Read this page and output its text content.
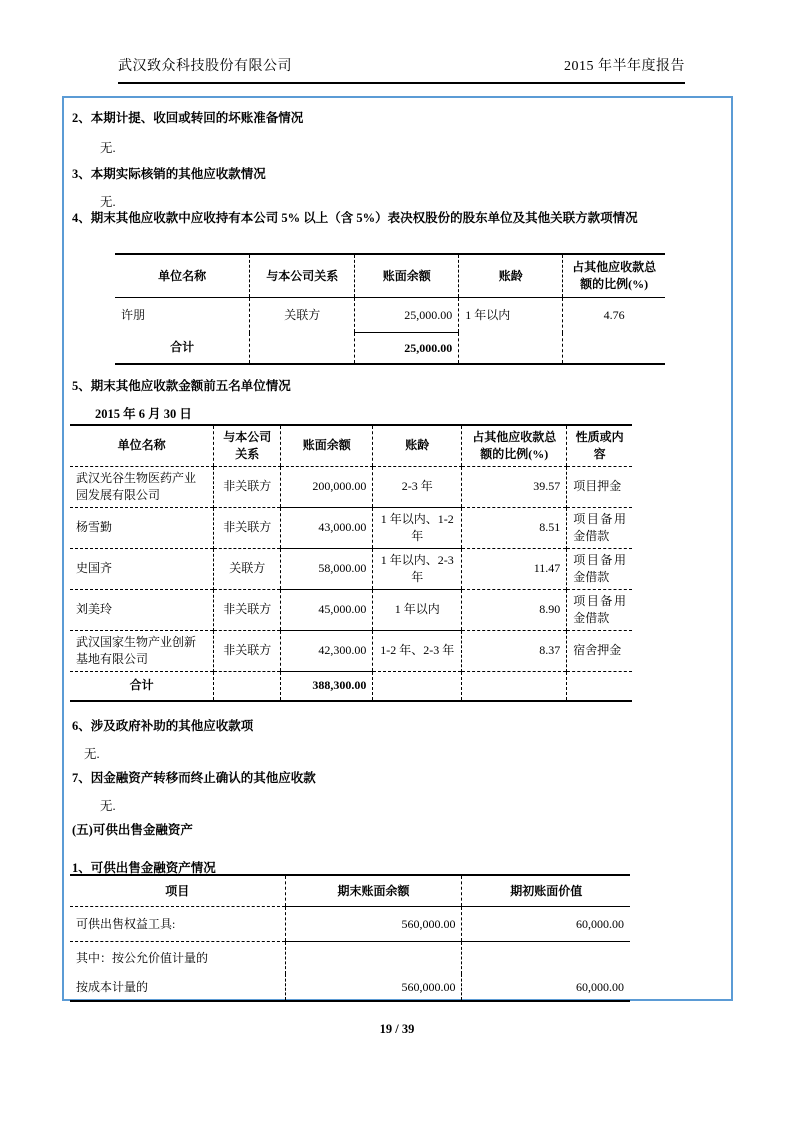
武汉致众科技股份有限公司	2015 年半年度报告
2、本期计提、收回或转回的坏账准备情况
无.
3、本期实际核销的其他应收款情况
无.
4、期末其他应收款中应收持有本公司 5% 以上（含 5%）表决权股份的股东单位及其他关联方款项情况
单位名称	与本公司关系	账面余额	账龄	占其他应收款总额的比例(%)
许朋	关联方	25,000.00	1 年以内	4.76
合计		25,000.00		
5、期末其他应收款金额前五名单位情况
2015 年 6 月 30 日
单位名称	与本公司关系	账面余额	账龄	占其他应收款总额的比例(%)	性质或内容
武汉光谷生物医药产业园发展有限公司	非关联方	200,000.00	2-3 年	39.57	项目押金
杨雪勤	非关联方	43,000.00	1 年以内、1-2 年	8.51	项目备用金借款
史国齐	关联方	58,000.00	1 年以内、2-3 年	11.47	项目备用金借款
刘美玲	非关联方	45,000.00	1 年以内	8.90	项目备用金借款
武汉国家生物产业创新基地有限公司	非关联方	42,300.00	1-2 年、2-3 年	8.37	宿舍押金
合计		388,300.00			
6、涉及政府补助的其他应收款项
无.
7、因金融资产转移而终止确认的其他应收款
无.
(五)可供出售金融资产
1、可供出售金融资产情况
项目	期末账面余额	期初账面价值
可供出售权益工具:	560,000.00	60,000.00
其中：按公允价值计量的		
按成本计量的	560,000.00	60,000.00
19 / 39
